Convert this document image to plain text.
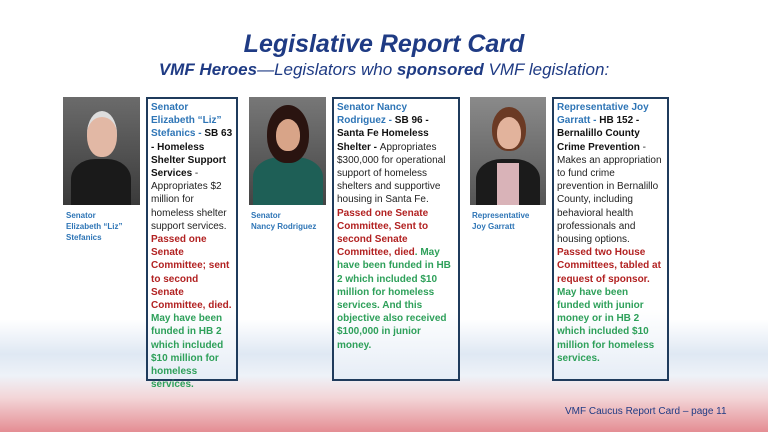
Legislative Report Card
VMF Heroes—Legislators who sponsored VMF legislation:
Senator
Elizabeth “Liz”
Stefanics
Senator Elizabeth “Liz” Stefanics - SB 63 - Homeless Shelter Support Services - Appropriates $2 million for homeless shelter support services. Passed one Senate Committee; sent to second Senate Committee, died. May have been funded in HB 2 which included $10 million for homeless services.
Senator
Nancy Rodriguez
Senator Nancy Rodriguez - SB 96 - Santa Fe Homeless Shelter - Appropriates $300,000 for operational support of homeless shelters and supportive housing in Santa Fe. Passed one Senate Committee, Sent to second Senate Committee, died. May have been funded in HB 2 which included $10 million for homeless services. And this objective also received $100,000 in junior money.
Representative
Joy Garratt
Representative Joy Garratt - HB 152 - Bernalillo County Crime Prevention - Makes an appropriation to fund crime prevention in Bernalillo County, including behavioral health professionals and housing options. Passed two House Committees, tabled at request of sponsor. May have been funded with junior money or in HB 2 which included $10 million for homeless services.
VMF Caucus Report Card – page 11
